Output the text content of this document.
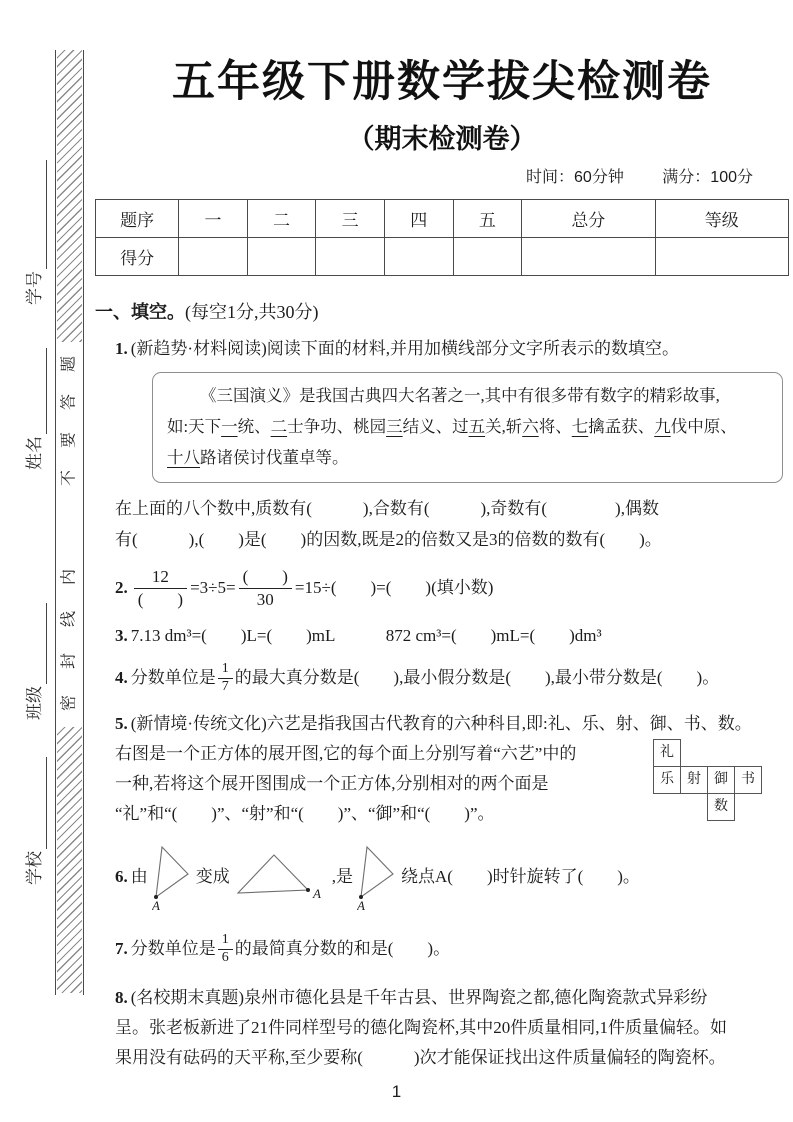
学号
姓名
班级
学校
题
答
要
不
内
线
封
密
五年级下册数学拔尖检测卷
（期末检测卷）
时间：60分钟 满分：100分
题序	一	二	三	四	五	总分	等级
得分							
一、填空。(每空1分,共30分)
1. (新趋势·材料阅读)阅读下面的材料,并用加横线部分文字所表示的数填空。
《三国演义》是我国古典四大名著之一,其中有很多带有数字的精彩故事,
如:天下一统、二士争功、桃园三结义、过五关,斩六将、七擒孟获、九伐中原、
十八路诸侯讨伐董卓等。
在上面的八个数中,质数有(　　　),合数有(　　　),奇数有(　　　　),偶数
有(　　　),(　　)是(　　)的因数,既是2的倍数又是3的倍数的数有(　　)。
2. $\frac{12}{( )} =3\div 5= \frac{( )}{30} =15\div$(　　)=(　　)(填小数)
3. 7.13 dm³=(　　)L=(　　)mL　　　872 cm³=(　　)mL=(　　)dm³
4. 分数单位是 $\frac{1}{7}$ 的最大真分数是(　　),最小假分数是(　　),最小带分数是(　　)。
5. (新情境·传统文化)六艺是指我国古代教育的六种科目,即:礼、乐、射、御、书、数。
右图是一个正方体的展开图,它的每个面上分别写着“六艺”中的
一种,若将这个展开图围成一个正方体,分别相对的两个面是
“礼”和“(　　)”、“射”和“(　　)”、“御”和“(　　)”。
礼
乐 射 御 书
数
6. 由
A
变成
A
,是
A
绕点A(　　)时针旋转了(　　)。
7. 分数单位是 $\frac{1}{6}$ 的最简真分数的和是(　　)。
8. (名校期末真题)泉州市德化县是千年古县、世界陶瓷之都,德化陶瓷款式异彩纷
呈。张老板新进了21件同样型号的德化陶瓷杯,其中20件质量相同,1件质量偏轻。如
果用没有砝码的天平称,至少要称(　　　)次才能保证找出这件质量偏轻的陶瓷杯。
1
